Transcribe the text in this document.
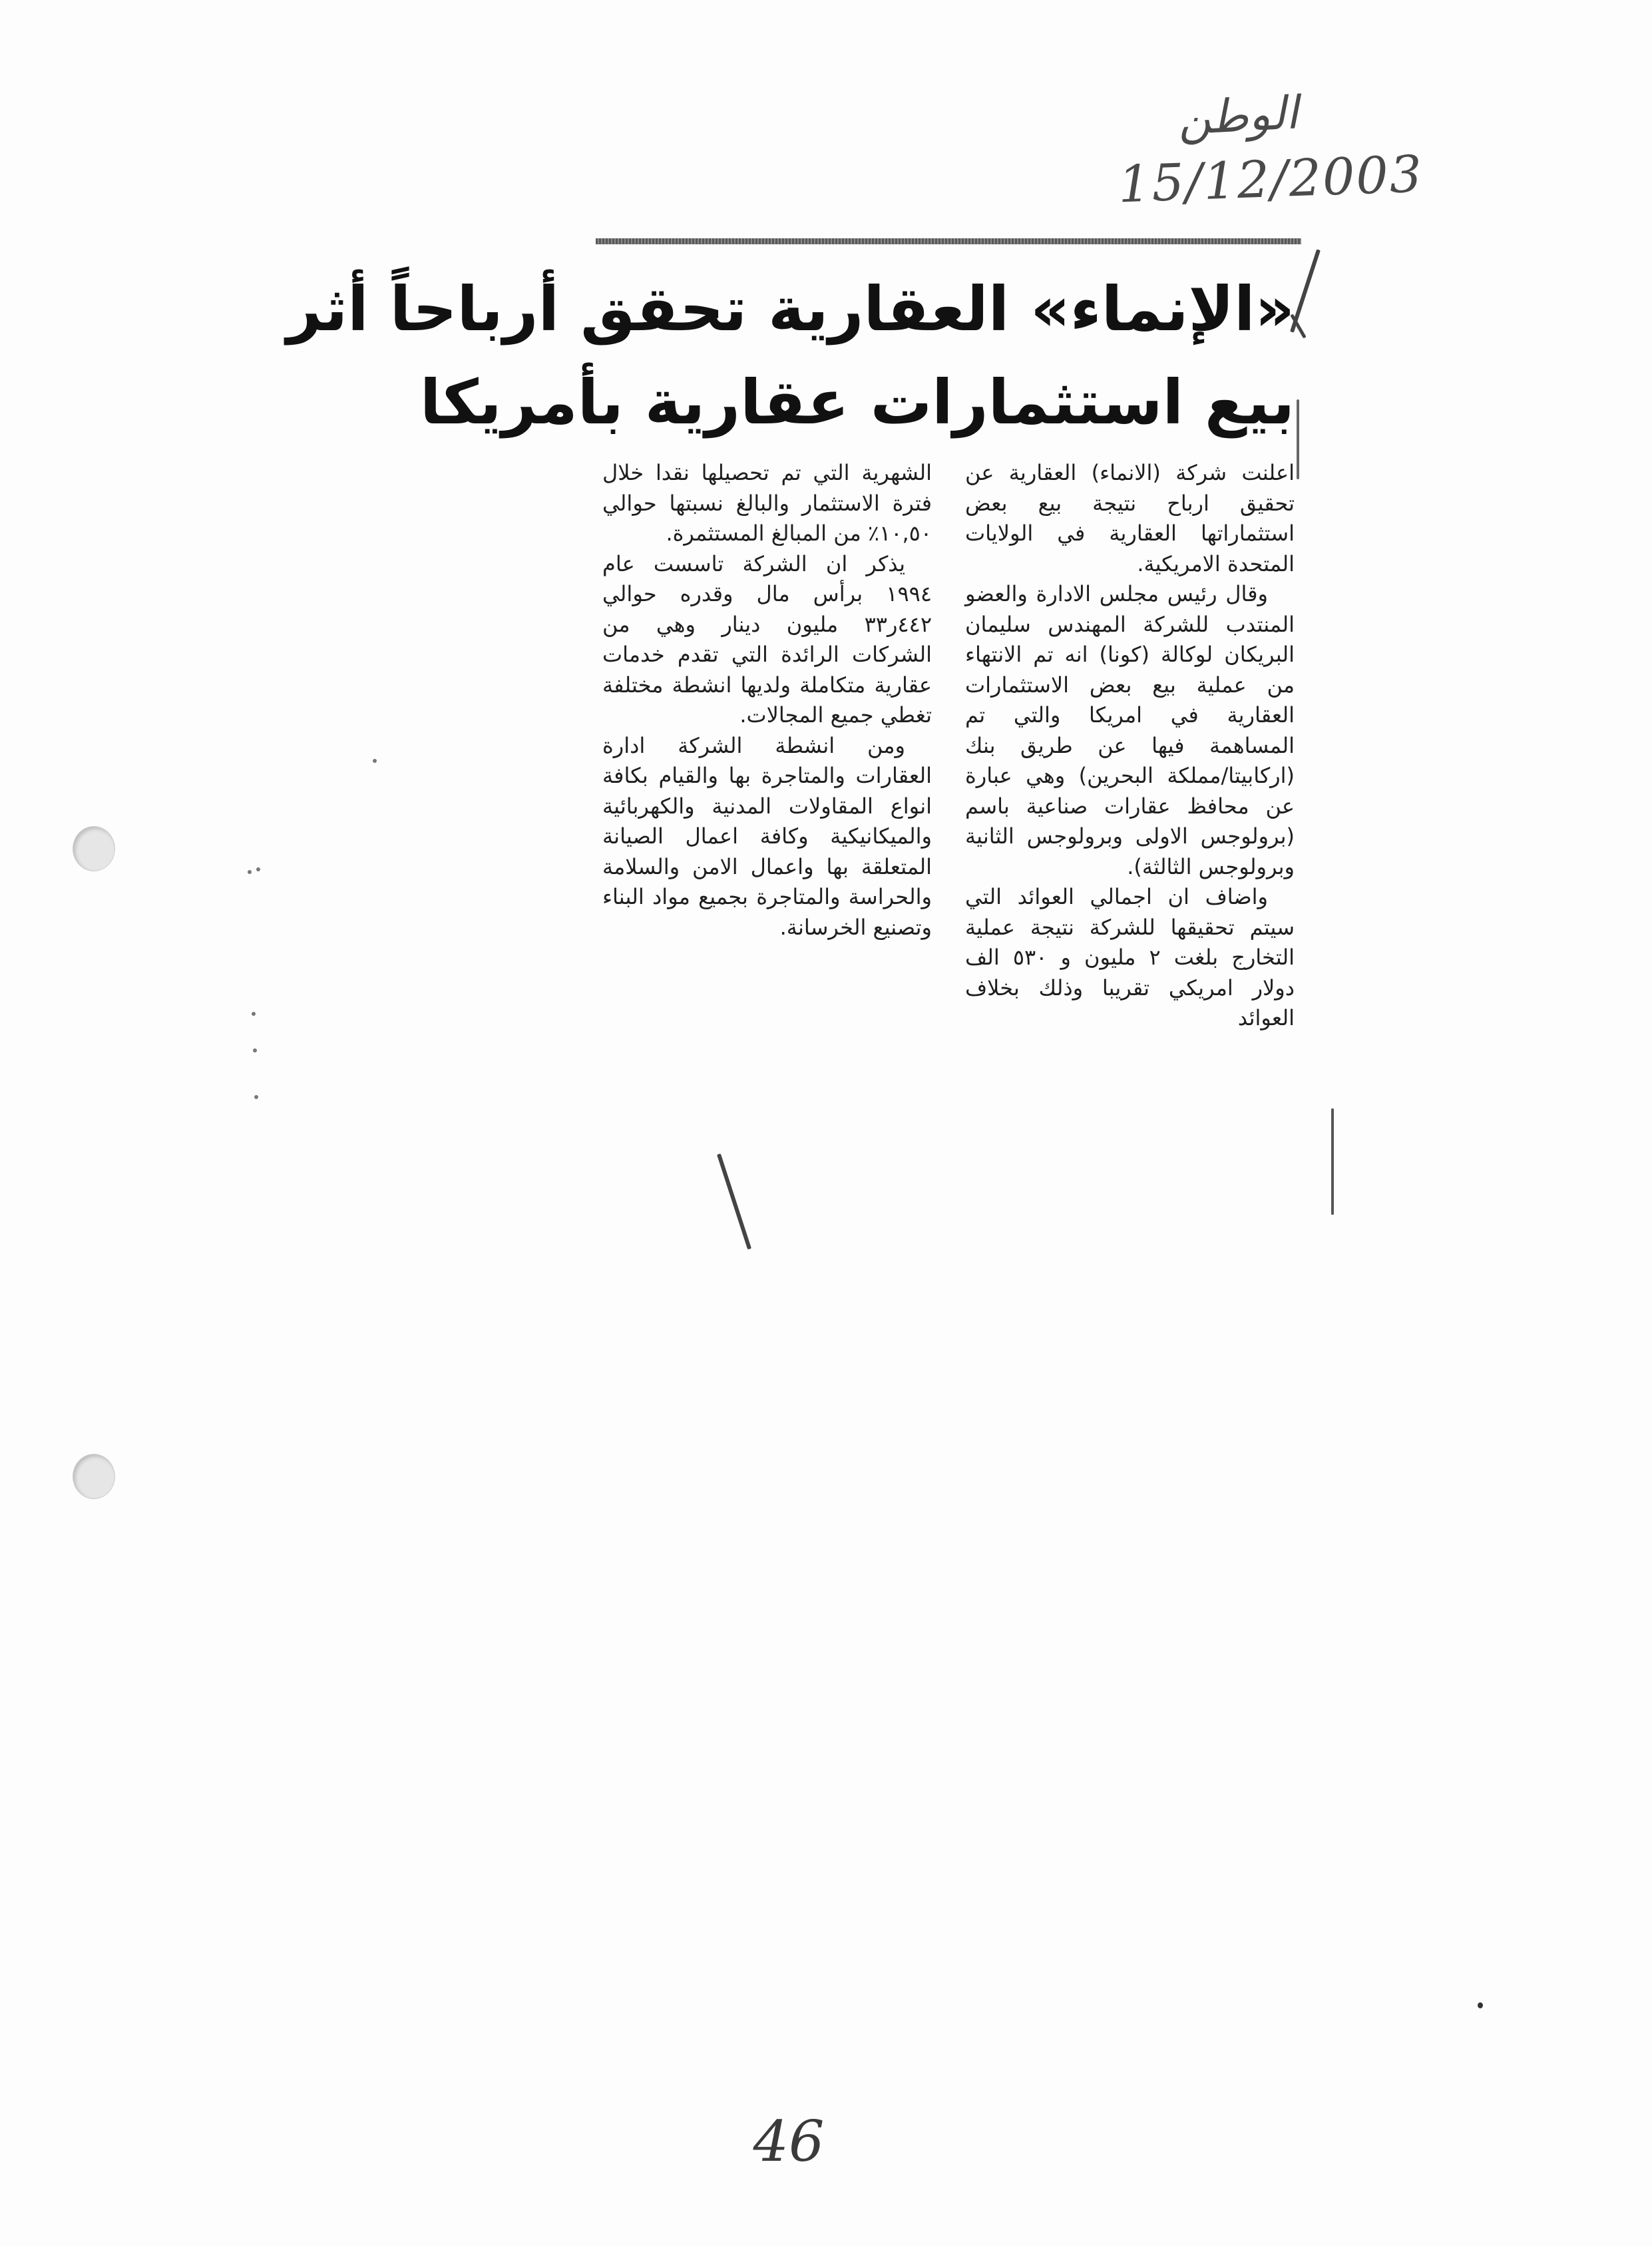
الوطن
15/12/2003
«الإنماء» العقارية تحقق أرباحاً أثر
بيع استثمارات عقارية بأمريكا

اعلنت شركة (الانماء) العقارية عن تحقيق ارباح نتيجة بيع بعض استثماراتها العقارية في الولايات المتحدة الامريكية.

وقال رئيس مجلس الادارة والعضو المنتدب للشركة المهندس سليمان البريكان لوكالة (كونا) انه تم الانتهاء من عملية بيع بعض الاستثمارات العقارية في امريكا والتي تم المساهمة فيها عن طريق بنك (اركابيتا/مملكة البحرين) وهي عبارة عن محافظ عقارات صناعية باسم (برولوجس الاولى وبرولوجس الثانية وبرولوجس الثالثة).

واضاف ان اجمالي العوائد التي سيتم تحقيقها للشركة نتيجة عملية التخارج بلغت ٢ مليون و ٥٣٠ الف دولار امريكي تقريبا وذلك بخلاف العوائد

الشهرية التي تم تحصيلها نقدا خلال فترة الاستثمار والبالغ نسبتها حوالي ١٠,٥٠٪ من المبالغ المستثمرة.

يذكر ان الشركة تاسست عام ١٩٩٤ برأس مال وقدره حوالي ٤٤٢ر٣٣ مليون دينار وهي من الشركات الرائدة التي تقدم خدمات عقارية متكاملة ولديها انشطة مختلفة تغطي جميع المجالات.

ومن انشطة الشركة ادارة العقارات والمتاجرة بها والقيام بكافة انواع المقاولات المدنية والكهربائية والميكانيكية وكافة اعمال الصيانة المتعلقة بها واعمال الامن والسلامة والحراسة والمتاجرة بجميع مواد البناء وتصنيع الخرسانة.

46
